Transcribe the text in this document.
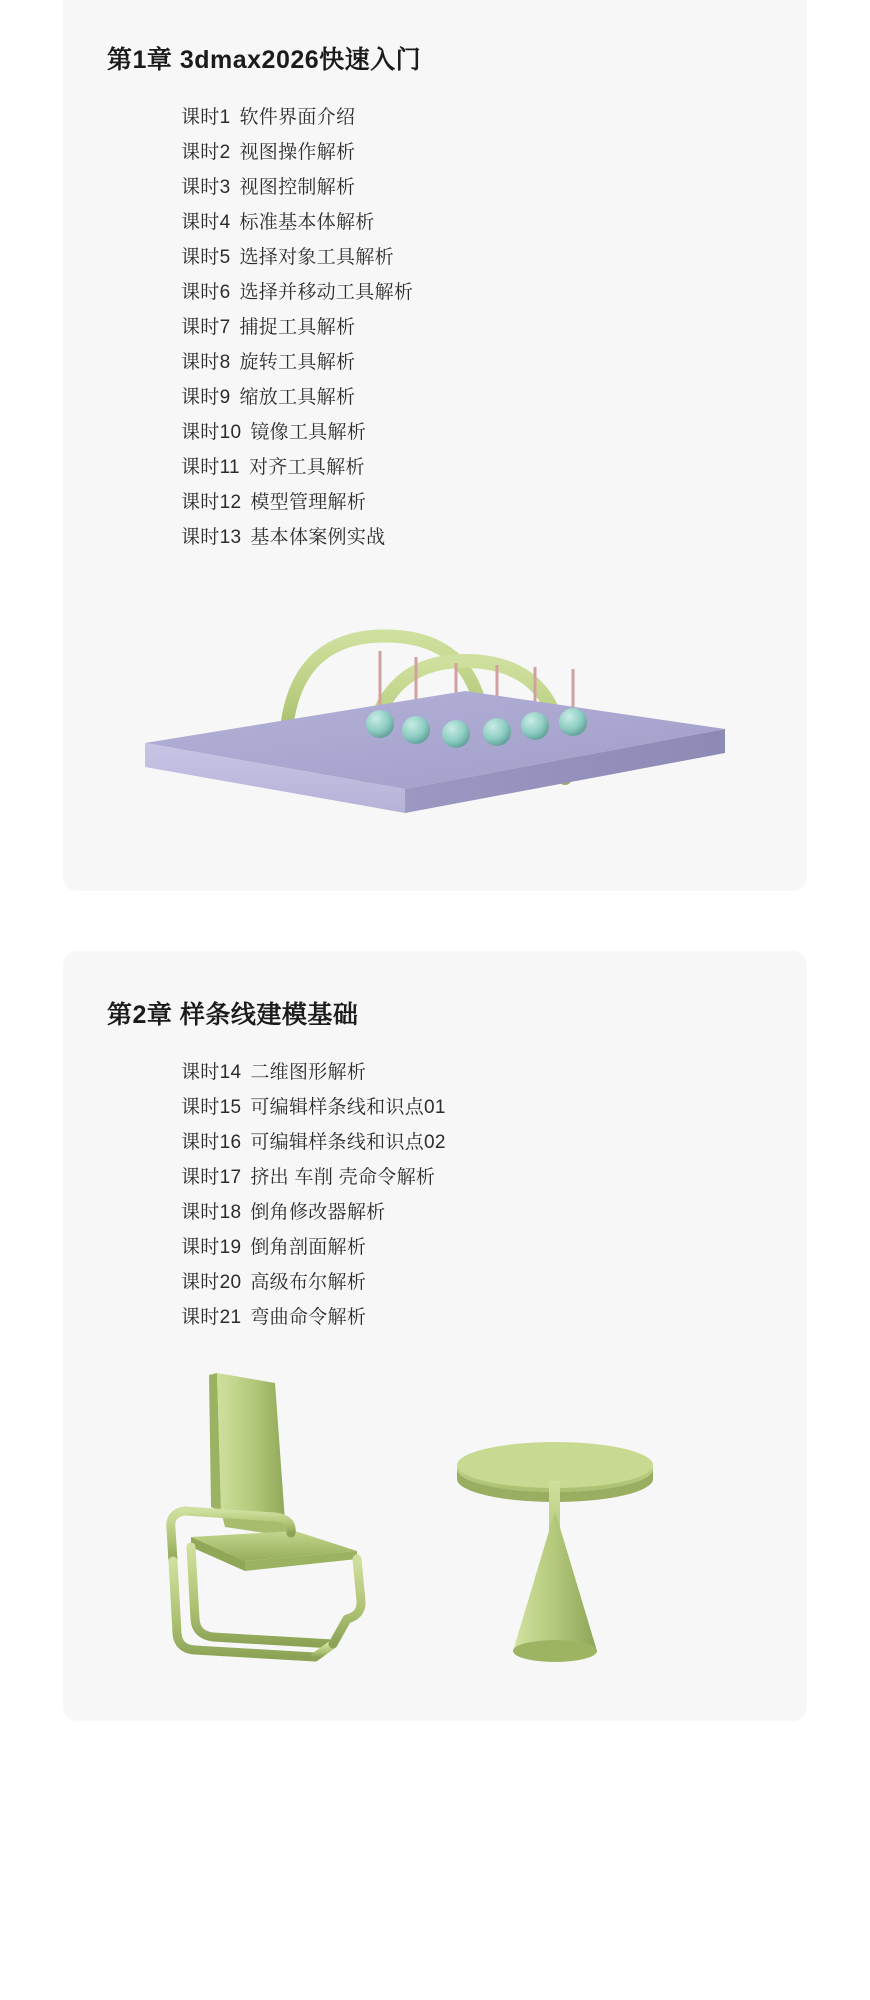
第1章 3dmax2026快速入门
课时1 软件界面介绍
课时2 视图操作解析
课时3 视图控制解析
课时4 标准基本体解析
课时5 选择对象工具解析
课时6 选择并移动工具解析
课时7 捕捉工具解析
课时8 旋转工具解析
课时9 缩放工具解析
课时10 镜像工具解析
课时11 对齐工具解析
课时12 模型管理解析
课时13 基本体案例实战
第2章 样条线建模基础
课时14 二维图形解析
课时15 可编辑样条线和识点01
课时16 可编辑样条线和识点02
课时17 挤出 车削 壳命令解析
课时18 倒角修改器解析
课时19 倒角剖面解析
课时20 高级布尔解析
课时21 弯曲命令解析
